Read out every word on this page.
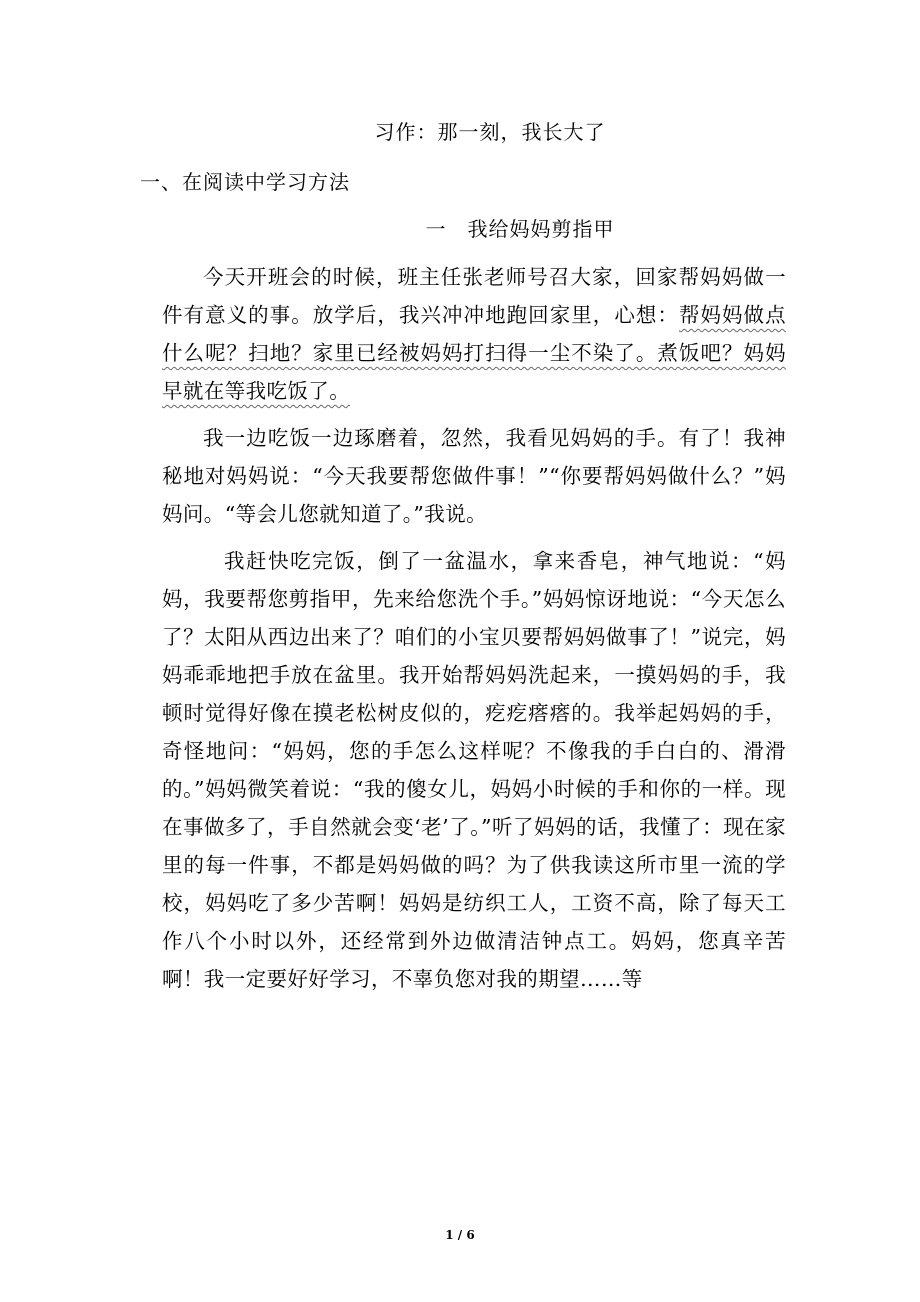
习作：那一刻，我长大了
一、在阅读中学习方法
一　我给妈妈剪指甲

今天开班会的时候，班主任张老师号召大家，回家帮妈妈做一件有意义的事。放学后，我兴冲冲地跑回家里，心想：帮妈妈做点什么呢？扫地？家里已经被妈妈打扫得一尘不染了。煮饭吧？妈妈早就在等我吃饭了。

我一边吃饭一边琢磨着，忽然，我看见妈妈的手。有了！我神秘地对妈妈说：“今天我要帮您做件事！”“你要帮妈妈做什么？”妈妈问。“等会儿您就知道了。”我说。

我赶快吃完饭，倒了一盆温水，拿来香皂，神气地说：“妈妈，我要帮您剪指甲，先来给您洗个手。”妈妈惊讶地说：“今天怎么了？太阳从西边出来了？咱们的小宝贝要帮妈妈做事了！”说完，妈妈乖乖地把手放在盆里。我开始帮妈妈洗起来，一摸妈妈的手，我顿时觉得好像在摸老松树皮似的，疙疙瘩瘩的。我举起妈妈的手，奇怪地问：“妈妈，您的手怎么这样呢？不像我的手白白的、滑滑的。”妈妈微笑着说：“我的傻女儿，妈妈小时候的手和你的一样。现在事做多了，手自然就会变‘老’了。”听了妈妈的话，我懂了：现在家里的每一件事，不都是妈妈做的吗？为了供我读这所市里一流的学校，妈妈吃了多少苦啊！妈妈是纺织工人，工资不高，除了每天工作八个小时以外，还经常到外边做清洁钟点工。妈妈，您真辛苦啊！我一定要好好学习，不辜负您对我的期望……等

1 / 6
